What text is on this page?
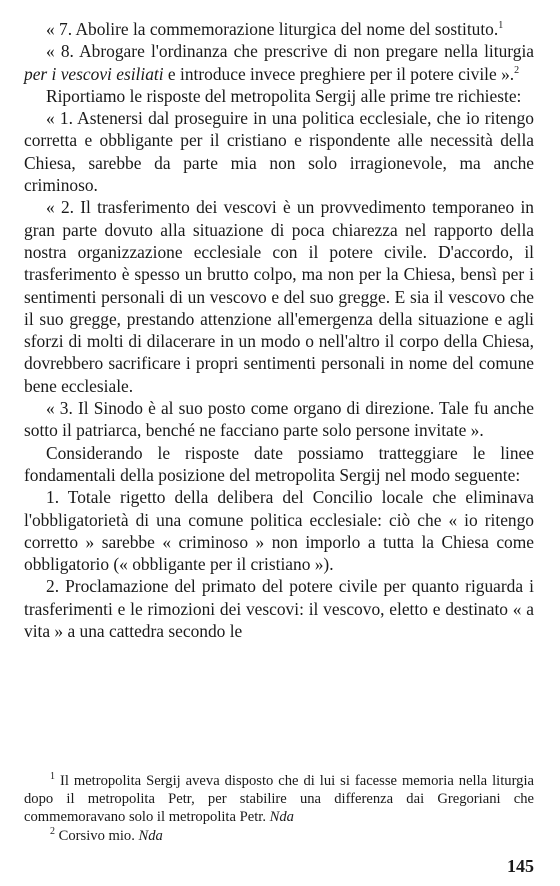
« 7. Abolire la commemorazione liturgica del nome del sostituto.$^1$

« 8. Abrogare l'ordinanza che prescrive di non pregare nella liturgia per i vescovi esiliati e introduce invece preghiere per il potere civile ».$^2$

Riportiamo le risposte del metropolita Sergij alle prime tre richieste:

« 1. Astenersi dal proseguire in una politica ecclesiale, che io ritengo corretta e obbligante per il cristiano e rispondente alle necessità della Chiesa, sarebbe da parte mia non solo irragionevole, ma anche criminoso.

« 2. Il trasferimento dei vescovi è un provvedimento temporaneo in gran parte dovuto alla situazione di poca chiarezza nel rapporto della nostra organizzazione ecclesiale con il potere civile. D'accordo, il trasferimento è spesso un brutto colpo, ma non per la Chiesa, bensì per i sentimenti personali di un vescovo e del suo gregge. E sia il vescovo che il suo gregge, prestando attenzione all'emergenza della situazione e agli sforzi di molti di dilacerare in un modo o nell'altro il corpo della Chiesa, dovrebbero sacrificare i propri sentimenti personali in nome del comune bene ecclesiale.

« 3. Il Sinodo è al suo posto come organo di direzione. Tale fu anche sotto il patriarca, benché ne facciano parte solo persone invitate ».

Considerando le risposte date possiamo tratteggiare le linee fondamentali della posizione del metropolita Sergij nel modo seguente:

1. Totale rigetto della delibera del Concilio locale che eliminava l'obbligatorietà di una comune politica ecclesiale: ciò che « io ritengo corretto » sarebbe « criminoso » non imporlo a tutta la Chiesa come obbligatorio (« obbligante per il cristiano »).

2. Proclamazione del primato del potere civile per quanto riguarda i trasferimenti e le rimozioni dei vescovi: il vescovo, eletto e destinato « a vita » a una cattedra secondo le

$^1$ Il metropolita Sergij aveva disposto che di lui si facesse memoria nella liturgia dopo il metropolita Petr, per stabilire una differenza dai Gregoriani che commemoravano solo il metropolita Petr. Nda

$^2$ Corsivo mio. Nda

145
